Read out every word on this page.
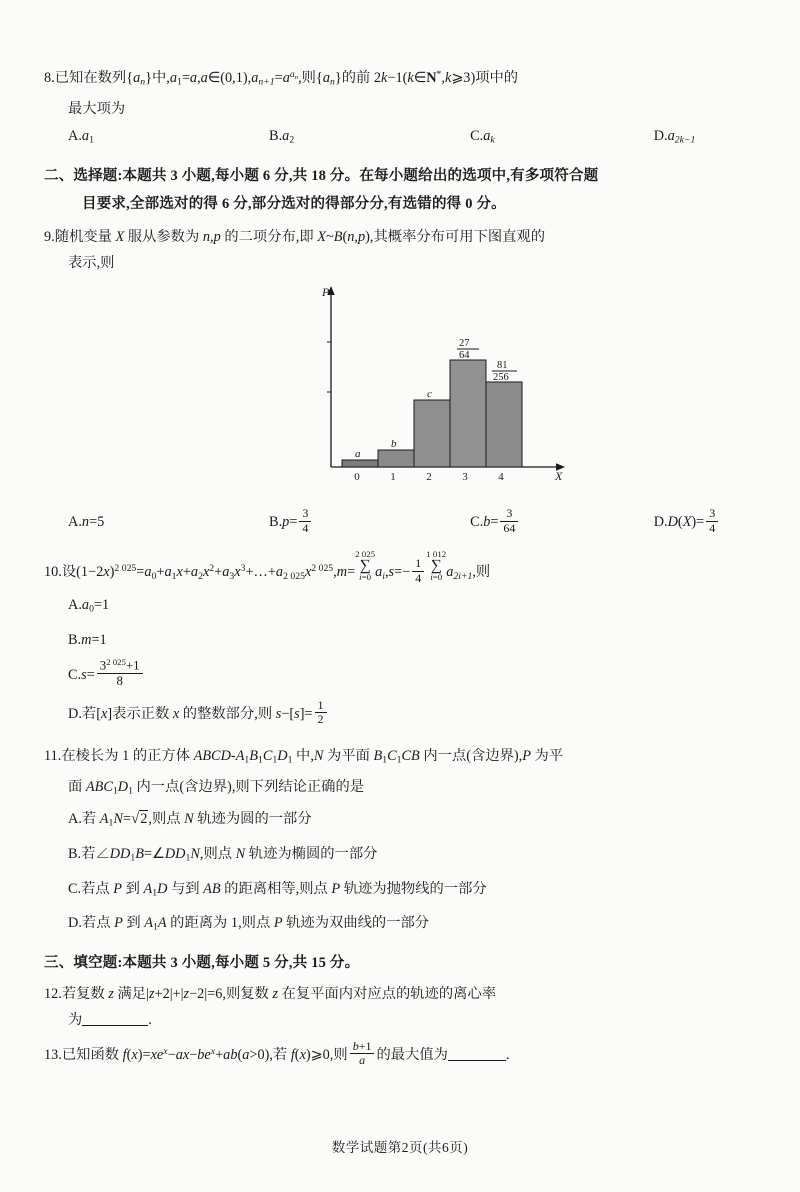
8.已知在数列$\{a_n\}$中$,a1=a,a\in(0,1),a_{n+1}=a^{a_n}$,则$\{a_n\}$的前 2k−1(k∈N*,k⩾3)项中的
最大项为
A.a1	B.a2	$C.a_k$	$D.a_{2k-1}$
二、选择题:本题共 3 小题,每小题 6 分,共 18 分。在每小题给出的选项中,有多项符合题
目要求,全部选对的得 6 分,部分选对的得部分分,有选错的得 0 分。
9.随机变量 X 服从参数为 n,p 的二项分布,即 X~B(n,p),其概率分布可用下图直观的
表示,则
P
X
a
b
c
27
64
81
256
0	1	2	3	4
A.n=5	$B.p= \frac{3}{4}$	$C.b= \frac{3}{64}$	$D.D(X)= \frac{3}{4}$
10.设$(1-2x)^{2 025}=a0+a1x+a2x^2+a3x^3+\dots+a2$ $025x^{2 025},m=$
2 025
∑
i=0 $a_i,s=- \frac{1}{4}$
1 012
∑
i=0 $a_{2i+1}$,则
A.a0=1
B.m=1
$C.s= \frac{3^{2 025}+1}{8}$
D.若[x]表示正数 x 的整数部分,则 $s-[s]= \frac{1}{2}$
11.在棱长为 1 的正方体 ABCD-A1B1C1D1 中,N 为平面 B1C1CB 内一点(含边界),P 为平
面 ABC1D1 内一点(含边界),则下列结论正确的是
A.若 A1N=√2,则点 N 轨迹为圆的一部分
B.若∠DD1B=∠DD1N,则点 N 轨迹为椭圆的一部分
C.若点 P 到 A1D 与到 AB 的距离相等,则点 P 轨迹为抛物线的一部分
D.若点 P 到 A1A 的距离为 1,则点 P 轨迹为双曲线的一部分
三、填空题:本题共 3 小题,每小题 5 分,共 15 分。
12.若复数 z 满足|z+2|+|z−2|=6,则复数 z 在复平面内对应点的轨迹的离心率
为	.
13.已知函数 $f(x)=xe^x-ax-be^x+ab(a>0)$,若 f(x)⩾0,则 $\frac{b+1}{a}$ 的最大值为	.
数学试题第2页(共6页)
